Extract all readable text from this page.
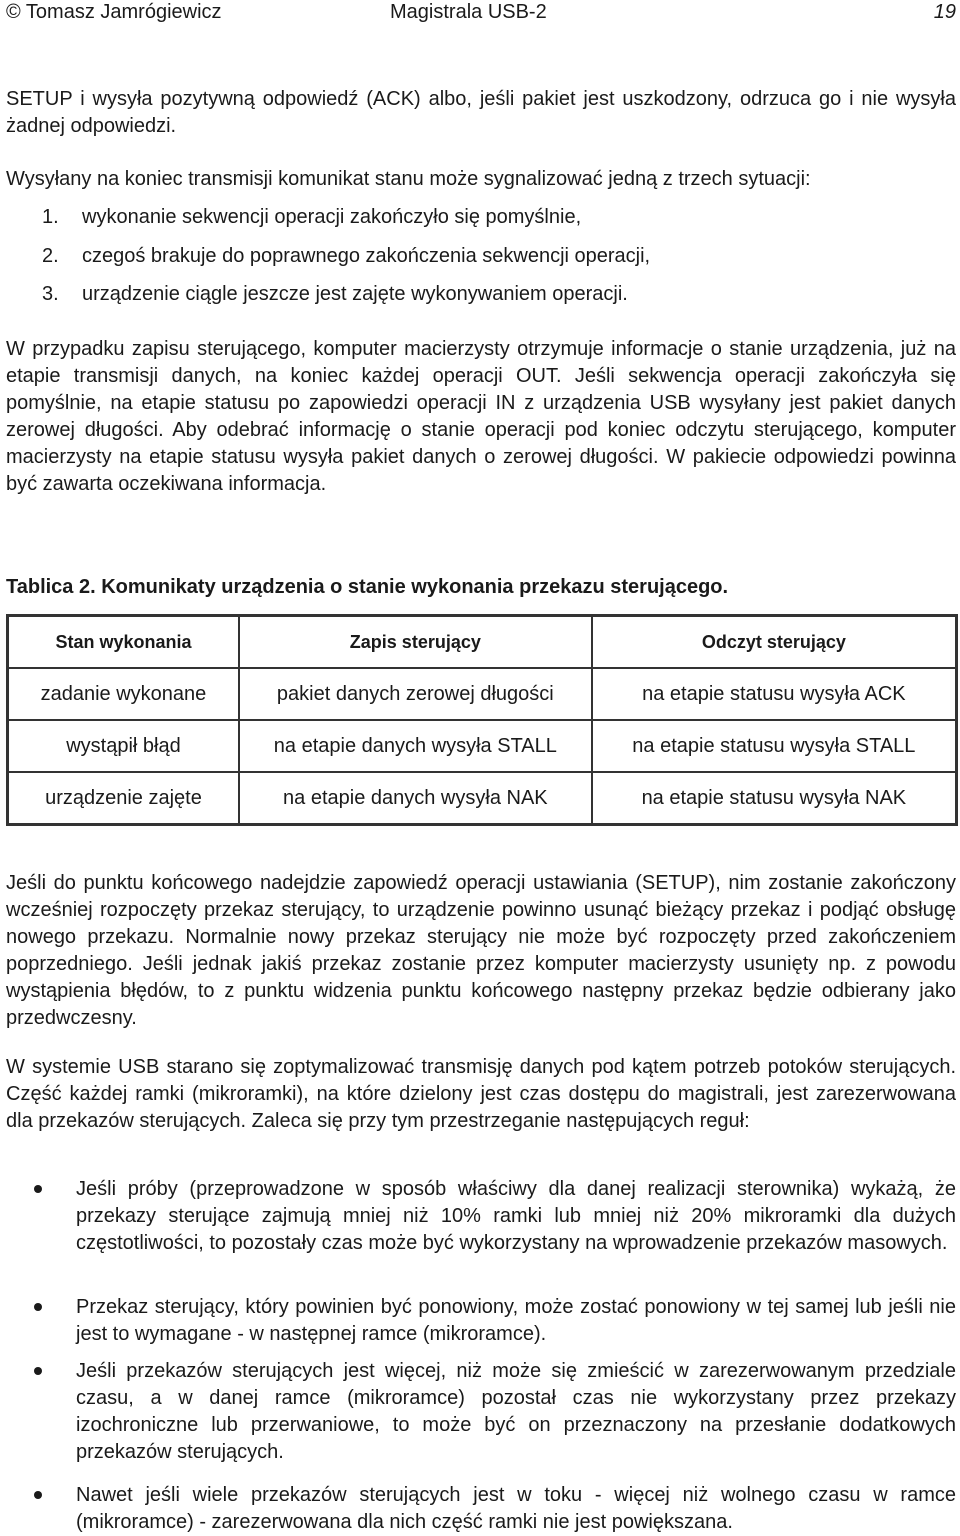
© Tomasz Jamrógiewicz	Magistrala USB-2	19

SETUP i wysyła pozytywną odpowiedź (ACK) albo, jeśli pakiet jest uszkodzony, odrzuca go i nie wysyła żadnej odpowiedzi.

Wysyłany na koniec transmisji komunikat stanu może sygnalizować jedną z trzech sytuacji:

1. wykonanie sekwencji operacji zakończyło się pomyślnie,
2. czegoś brakuje do poprawnego zakończenia sekwencji operacji,
3. urządzenie ciągle jeszcze jest zajęte wykonywaniem operacji.

W przypadku zapisu sterującego, komputer macierzysty otrzymuje informacje o stanie urządzenia, już na etapie transmisji danych, na koniec każdej operacji OUT. Jeśli sekwencja operacji zakończyła się pomyślnie, na etapie statusu po zapowiedzi operacji IN z urządzenia USB wysyłany jest pakiet danych zerowej długości. Aby odebrać informację o stanie operacji pod koniec odczytu sterującego, komputer macierzysty na etapie statusu wysyła pakiet danych o zerowej długości. W pakiecie odpowiedzi powinna być zawarta oczekiwana informacja.

Tablica 2. Komunikaty urządzenia o stanie wykonania przekazu sterującego.
Stan wykonania	Zapis sterujący	Odczyt sterujący
zadanie wykonane	pakiet danych zerowej długości	na etapie statusu wysyła ACK
wystąpił błąd	na etapie danych wysyła STALL	na etapie statusu wysyła STALL
urządzenie zajęte	na etapie danych wysyła NAK	na etapie statusu wysyła NAK

Jeśli do punktu końcowego nadejdzie zapowiedź operacji ustawiania (SETUP), nim zostanie zakończony wcześniej rozpoczęty przekaz sterujący, to urządzenie powinno usunąć bieżący przekaz i podjąć obsługę nowego przekazu. Normalnie nowy przekaz sterujący nie może być rozpoczęty przed zakończeniem poprzedniego. Jeśli jednak jakiś przekaz zostanie przez komputer macierzysty usunięty np. z powodu wystąpienia błędów, to z punktu widzenia punktu końcowego następny przekaz będzie odbierany jako przedwczesny.

W systemie USB starano się zoptymalizować transmisję danych pod kątem potrzeb potoków sterujących. Część każdej ramki (mikroramki), na które dzielony jest czas dostępu do magistrali, jest zarezerwowana dla przekazów sterujących. Zaleca się przy tym przestrzeganie następujących reguł:

Jeśli próby (przeprowadzone w sposób właściwy dla danej realizacji sterownika) wykażą, że przekazy sterujące zajmują mniej niż 10% ramki lub mniej niż 20% mikroramki dla dużych częstotliwości, to pozostały czas może być wykorzystany na wprowadzenie przekazów masowych.

Przekaz sterujący, który powinien być ponowiony, może zostać ponowiony w tej samej lub jeśli nie jest to wymagane - w następnej ramce (mikroramce).

Jeśli przekazów sterujących jest więcej, niż może się zmieścić w zarezerwowanym przedziale czasu, a w danej ramce (mikroramce) pozostał czas nie wykorzystany przez przekazy izochroniczne lub przerwaniowe, to może być on przeznaczony na przesłanie dodatkowych przekazów sterujących.

Nawet jeśli wiele przekazów sterujących jest w toku - więcej niż wolnego czasu w ramce (mikroramce) - zarezerwowana dla nich część ramki nie jest powiększana.
